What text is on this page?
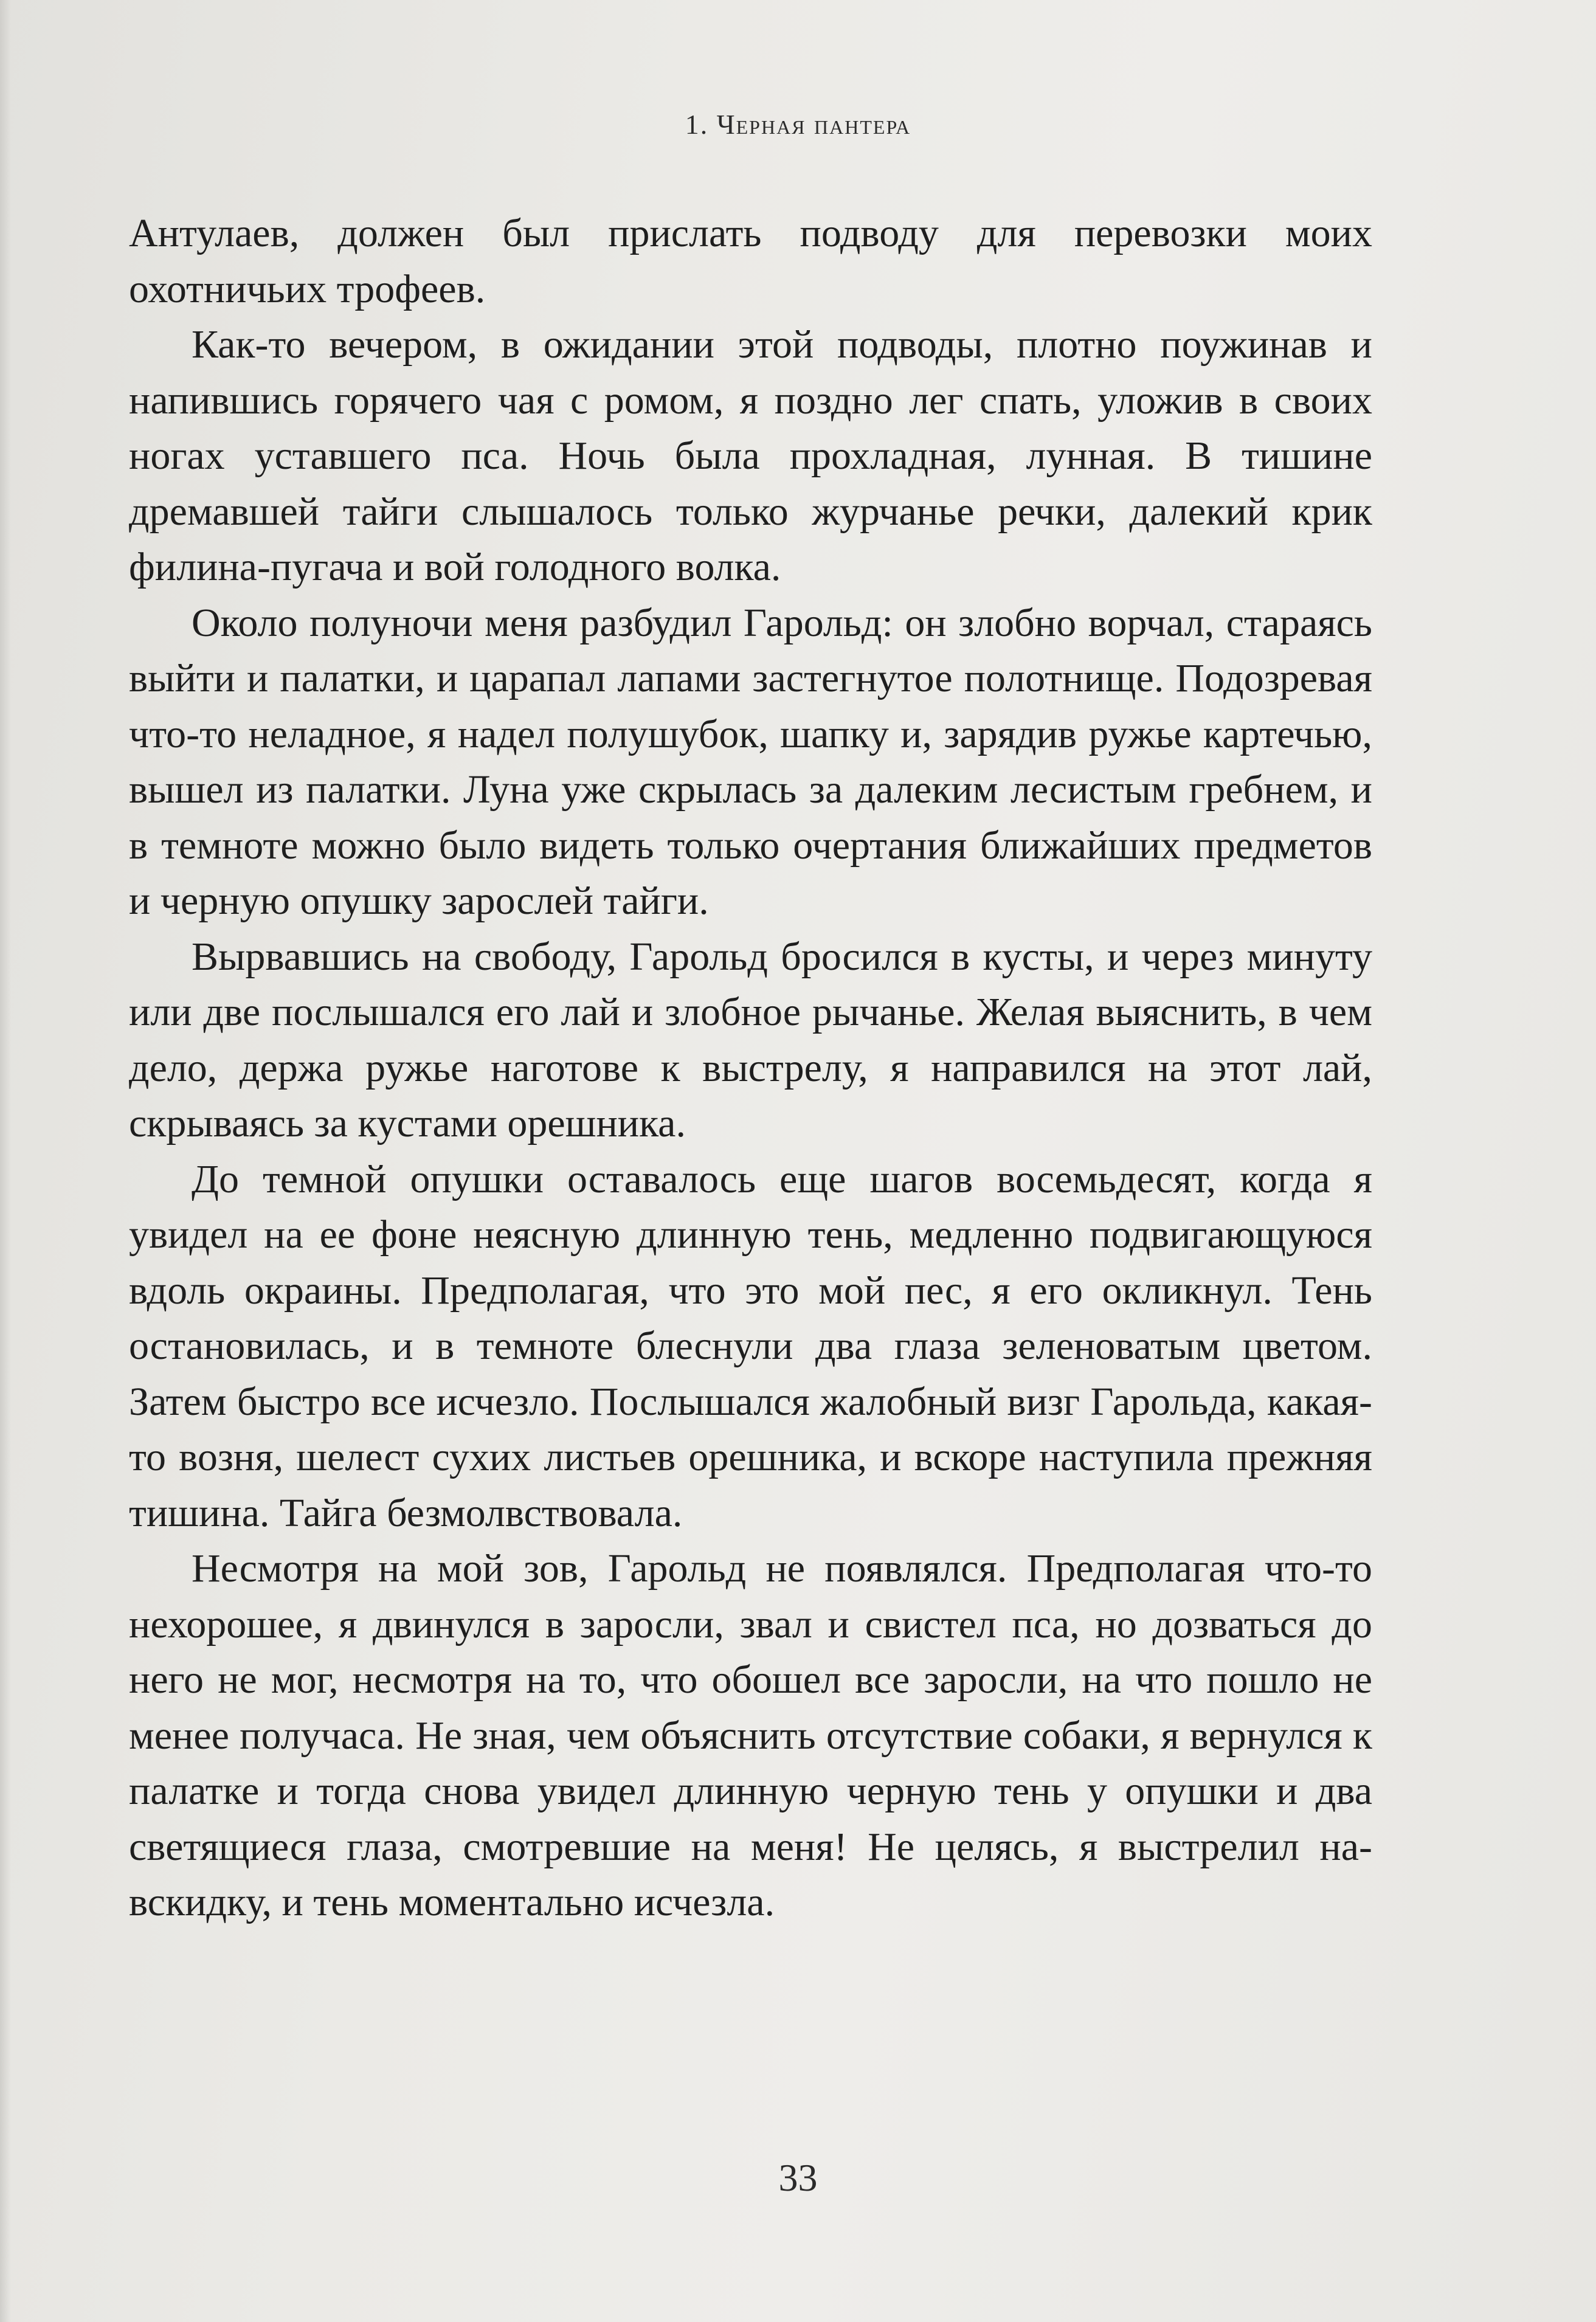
1. Черная пантера

Антулаев, должен был прислать подводу для перевозки моих охотничьих трофеев.

Как-то вечером, в ожидании этой подводы, плотно поужинав и напившись горячего чая с ромом, я поздно лег спать, уложив в своих ногах уставшего пса. Ночь была прохладная, лунная. В тишине дремавшей тайги слышалось только журчанье речки, далекий крик филина-пугача и вой голодного волка.

Около полуночи меня разбудил Гарольд: он злобно ворчал, стараясь выйти и палатки, и царапал лапами застегнутое полотнище. Подозревая что-то неладное, я надел полушубок, шапку и, зарядив ружье картечью, вышел из палатки. Луна уже скрылась за далеким лесистым гребнем, и в темноте можно было видеть только очертания ближайших предметов и черную опушку зарослей тайги.

Вырвавшись на свободу, Гарольд бросился в кусты, и через минуту или две послышался его лай и злобное рычанье. Желая выяснить, в чем дело, держа ружье наготове к выстрелу, я направился на этот лай, скрываясь за кустами орешника.

До темной опушки оставалось еще шагов восемьдесят, когда я увидел на ее фоне неясную длинную тень, медленно подвигающуюся вдоль окраины. Предполагая, что это мой пес, я его окликнул. Тень остановилась, и в темноте блеснули два глаза зеленоватым цветом. Затем быстро все исчезло. Послышался жалобный визг Гарольда, какая-то возня, шелест сухих листьев орешника, и вскоре наступила прежняя тишина. Тайга безмолвствовала.

Несмотря на мой зов, Гарольд не появлялся. Предполагая что-то нехорошее, я двинулся в заросли, звал и свистел пса, но дозваться до него не мог, несмотря на то, что обошел все заросли, на что пошло не менее получаса. Не зная, чем объяснить отсутствие собаки, я вернулся к палатке и тогда снова увидел длинную черную тень у опушки и два светящиеся глаза, смотревшие на меня! Не целясь, я выстрелил навскидку, и тень моментально исчезла.

33
